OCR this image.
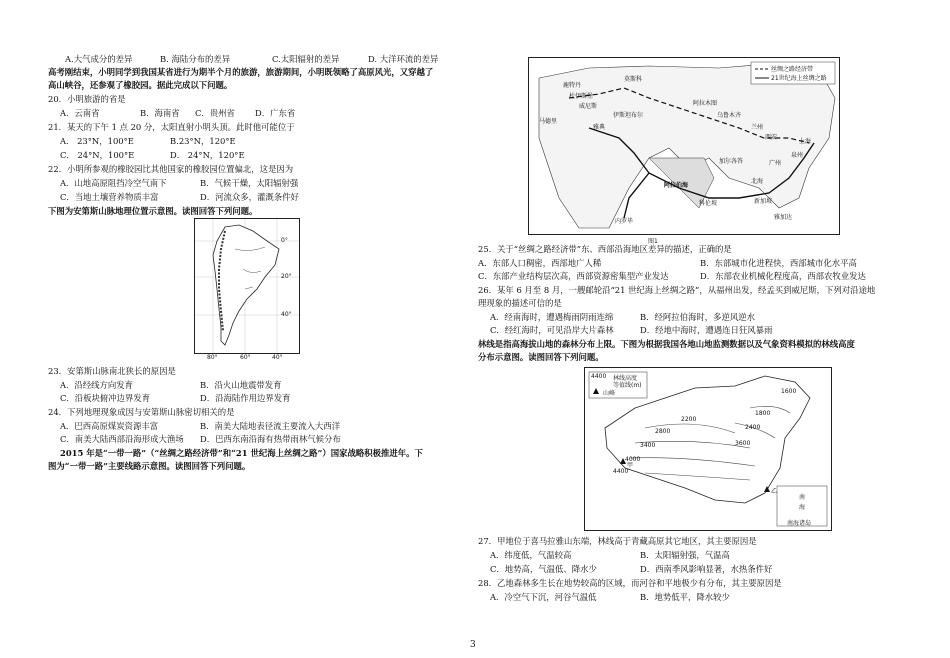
A.大气成分的差异	B. 海陆分布的差异	C.太阳辐射的差异	D. 大洋环流的差异
高考刚结束，小明同学到我国某省进行为期半个月的旅游，旅游期间，小明既领略了高原风光，又穿越了
高山峡谷，还参观了橡胶园。据此完成以下问题。
20．小明旅游的省是
A．云南省	B．海南省 C．贵州省 D．广东省
21．某天的下午 1 点 20 分，太阳直射小明头顶。此时他可能位于
A． 23°N，100°E	B.23°N，120°E
C． 24°N，100°E	D． 24°N，120°E
22．小明所参观的橡胶园比其他国家的橡胶园位置偏北，这是因为
A．山地高原阻挡冷空气南下	B．气候干燥，太阳辐射强
C．当地土壤营养物质丰富	D．河流众多，灌溉条件好
下图为安第斯山脉地理位置示意图。读图回答下列问题。
0°
20°
40°
80°	60°	40°
23．安第斯山脉南北狭长的原因是
A．沿经线方向发育	B．沿火山地震带发育
C．沿板块俯冲边界发育	D．沿海陆作用边界发育
24．下列地理现象成因与安第斯山脉密切相关的是
A．巴西高原煤炭资源丰富	B．南美大陆地表径流主要流入大西洋
C．南美大陆西部沿海形成大渔场 D．巴西东南沿海有热带雨林气候分布
2015 年是“一带一路”（“丝绸之路经济带”和“21 世纪海上丝绸之路”）国家战略积极推进年。下
图为“一带一路”主要线路示意图。读图回答下列问题。
丝绸之路经济带
21世纪海上丝绸之路
鹿特丹
莫斯科
杜伊斯堡
威尼斯
伊斯坦布尔
阿拉木图
乌鲁木齐
兰州
西安
雅典
上海
泉州
广州
马德里
加尔各答
科伦坡
阿拉伯海
新加坡
内罗毕
雅加达
北海
图1
25．关于“丝绸之路经济带”东、西部沿海地区差异的描述，正确的是
A．东部人口稠密，西部地广人稀	B．东部城市化进程快，西部城市化水平高
C．东部产业结构层次高，西部资源密集型产业发达	D．东部农业机械化程度高，西部农牧业发达
26．某年 6 月至 8 月，一艘邮轮沿“21 世纪海上丝绸之路”，从福州出发，经孟买到威尼斯，下列对沿途地
理现象的描述可信的是
A．经南海时，遭遇梅雨阴雨连绵	B．经阿拉伯海时，多逆风逆水
C．经红海时，可见沿岸大片森林	D．经地中海时，遭遇连日狂风暴雨
林线是指高海拔山地的森林分布上限。下图为根据我国各地山地监测数据以及气象资料模拟的林线高度
分布示意图。读图回答下列问题。
4400 林线高度
等值线(m)
山峰	1600
2200
2800
3400
4000
3600
2400
1800
4400
甲
乙
南
海
南海诸岛
27．甲地位于喜马拉雅山东端，林线高于青藏高原其它地区，其主要原因是
A．纬度低，气温较高	B．太阳辐射强，气温高
C．地势高，气温低、降水少	D．西南季风影响显著，水热条件好
28．乙地森林多生长在地势较高的区域，而河谷和平地极少有分布，其主要原因是
A．冷空气下沉，河谷气温低	B．地势低平，降水较少
3
